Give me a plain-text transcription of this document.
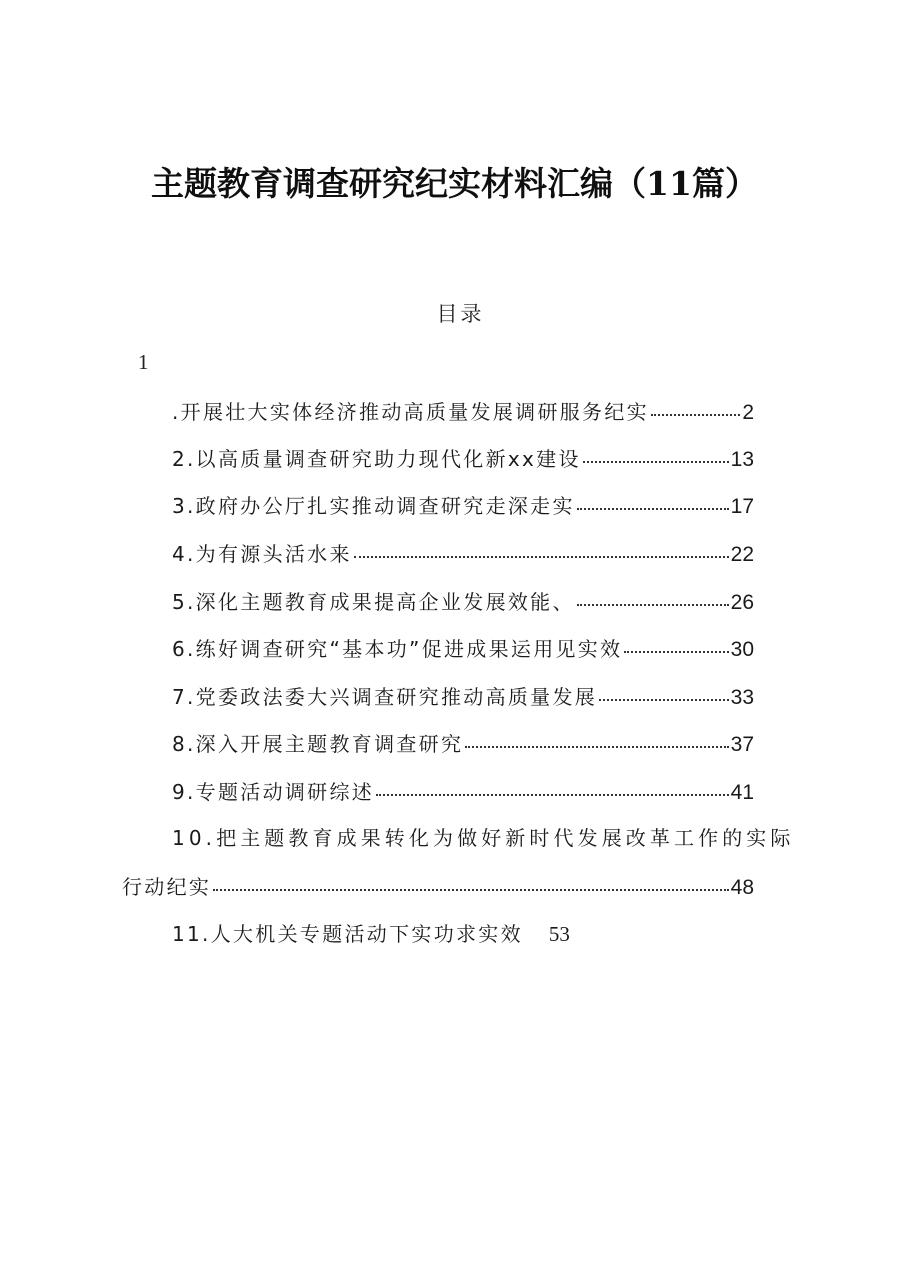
主题教育调查研究纪实材料汇编（11篇）
目录
1
.开展壮大实体经济推动高质量发展调研服务纪实	2
2.以高质量调查研究助力现代化新xx建设	13
3.政府办公厅扎实推动调查研究走深走实	17
4.为有源头活水来	22
5.深化主题教育成果提高企业发展效能、	26
6.练好调查研究“基本功”促进成果运用见实效	30
7.党委政法委大兴调查研究推动高质量发展	33
8.深入开展主题教育调查研究	37
9.专题活动调研综述	41
10.把主题教育成果转化为做好新时代发展改革工作的实际
行动纪实	48
11.人大机关专题活动下实功求实效 53
